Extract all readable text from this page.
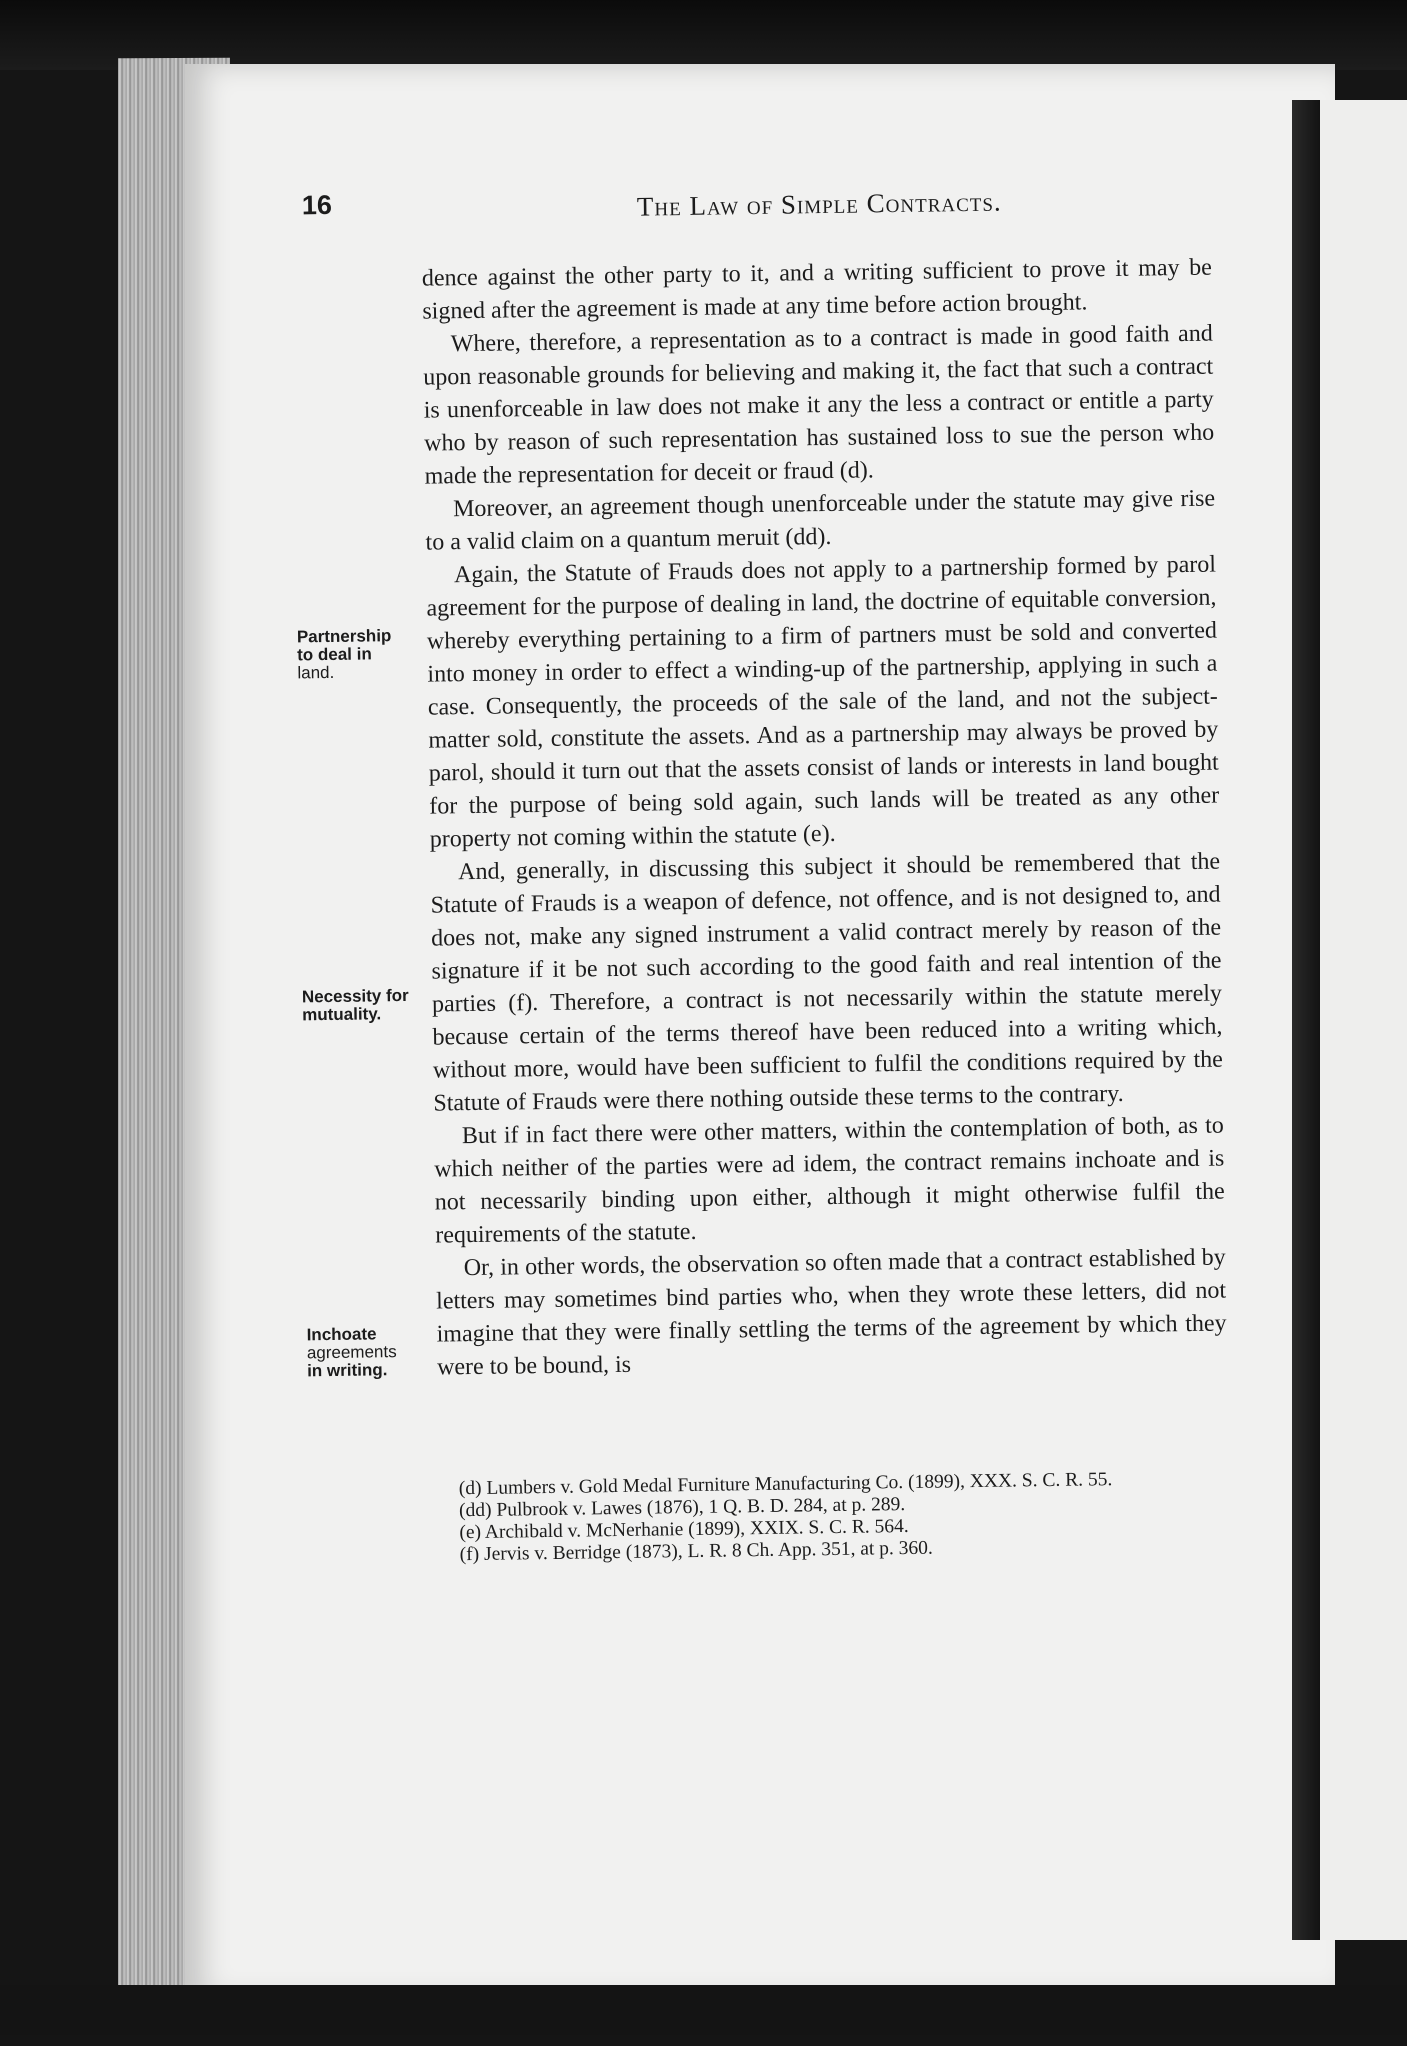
16	The Law of Simple Contracts.
Partnership
to deal in
land.
Necessity for
mutuality.
Inchoate
agreements
in writing.

dence against the other party to it, and a writing sufficient to prove it may be signed after the agreement is made at any time before action brought.

Where, therefore, a representation as to a contract is made in good faith and upon reasonable grounds for believing and making it, the fact that such a contract is unenforceable in law does not make it any the less a contract or entitle a party who by reason of such representation has sustained loss to sue the person who made the representation for deceit or fraud (d).

Moreover, an agreement though unenforceable under the statute may give rise to a valid claim on a quantum meruit (dd).

Again, the Statute of Frauds does not apply to a partnership formed by parol agreement for the purpose of dealing in land, the doctrine of equitable conversion, whereby everything pertaining to a firm of partners must be sold and converted into money in order to effect a winding-up of the partnership, applying in such a case. Consequently, the proceeds of the sale of the land, and not the subject-matter sold, constitute the assets. And as a partnership may always be proved by parol, should it turn out that the assets consist of lands or interests in land bought for the purpose of being sold again, such lands will be treated as any other property not coming within the statute (e).

And, generally, in discussing this subject it should be remembered that the Statute of Frauds is a weapon of defence, not offence, and is not designed to, and does not, make any signed instrument a valid contract merely by reason of the signature if it be not such according to the good faith and real intention of the parties (f). Therefore, a contract is not necessarily within the statute merely because certain of the terms thereof have been reduced into a writing which, without more, would have been sufficient to fulfil the conditions required by the Statute of Frauds were there nothing outside these terms to the contrary.

But if in fact there were other matters, within the contemplation of both, as to which neither of the parties were ad idem, the contract remains inchoate and is not necessarily binding upon either, although it might otherwise fulfil the requirements of the statute.

Or, in other words, the observation so often made that a contract established by letters may sometimes bind parties who, when they wrote these letters, did not imagine that they were finally settling the terms of the agreement by which they were to be bound, is

(d) Lumbers v. Gold Medal Furniture Manufacturing Co. (1899), XXX. S. C. R. 55.

(dd) Pulbrook v. Lawes (1876), 1 Q. B. D. 284, at p. 289.

(e) Archibald v. McNerhanie (1899), XXIX. S. C. R. 564.

(f) Jervis v. Berridge (1873), L. R. 8 Ch. App. 351, at p. 360.
